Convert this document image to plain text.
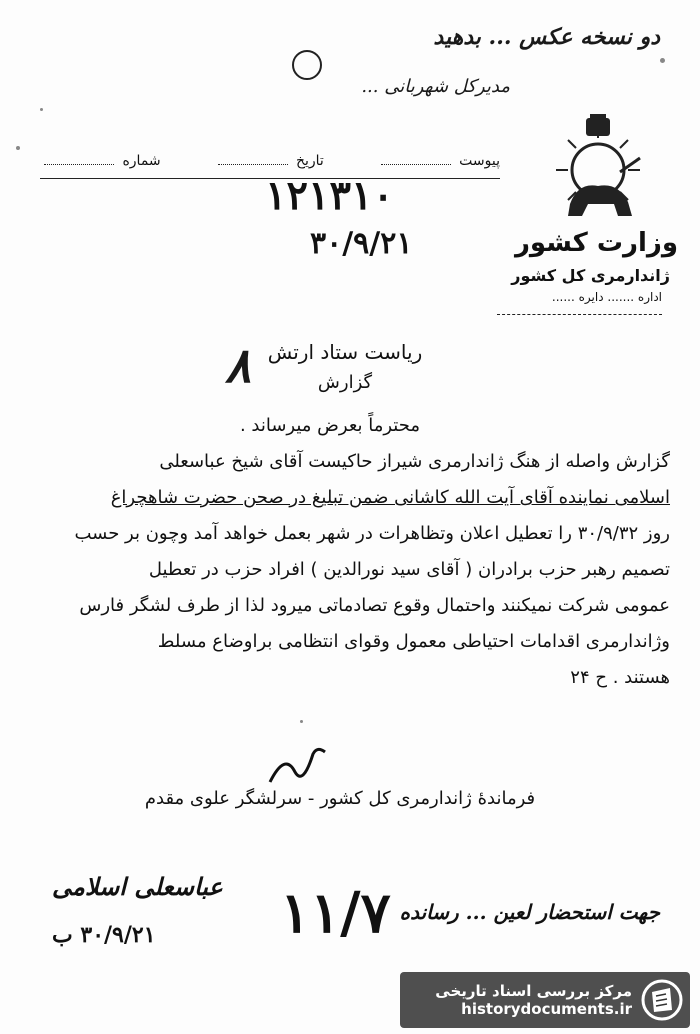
دو نسخه عکس ... بدهید
مدیرکل شهربانی ...
شماره	تاریخ	پیوست
وزارت کشور
ژاندارمری کل کشور
اداره ....... دایره ......
۱۲۱۳۱۰
۳۰/۹/۲۱
ریاست ستاد ارتش
۸	گزارش
محترماً بعرض میرساند .
گزارش واصله از هنگ ژاندارمری شیراز حاکیست آقای شیخ عباسعلی
اسلامی نماینده آقای آیت الله کاشانی ضمن تبلیغ در صحن حضرت شاهچراغ
روز ۳۰/۹/۳۲ را تعطیل اعلان وتظاهرات در شهر بعمل خواهد آمد وچون بر حسب
تصمیم رهبر حزب برادران ( آقای سید نورالدین ) افراد حزب در تعطیل
عمومی شرکت نمیکنند واحتمال وقوع تصادماتی میرود لذا از طرف لشگر فارس
وژاندارمری اقدامات احتیاطی معمول وقوای انتظامی براوضاع مسلط
هستند . ح ۲۴
فرماندهٔ ژاندارمری کل کشور - سرلشگر علوی مقدم
عباسعلی اسلامی
۳۰/۹/۲۱ ب ۱۱/۷ جهت استحضار لعین ... رسانده
مرکز بررسی اسناد تاریخی
historydocuments.ir
